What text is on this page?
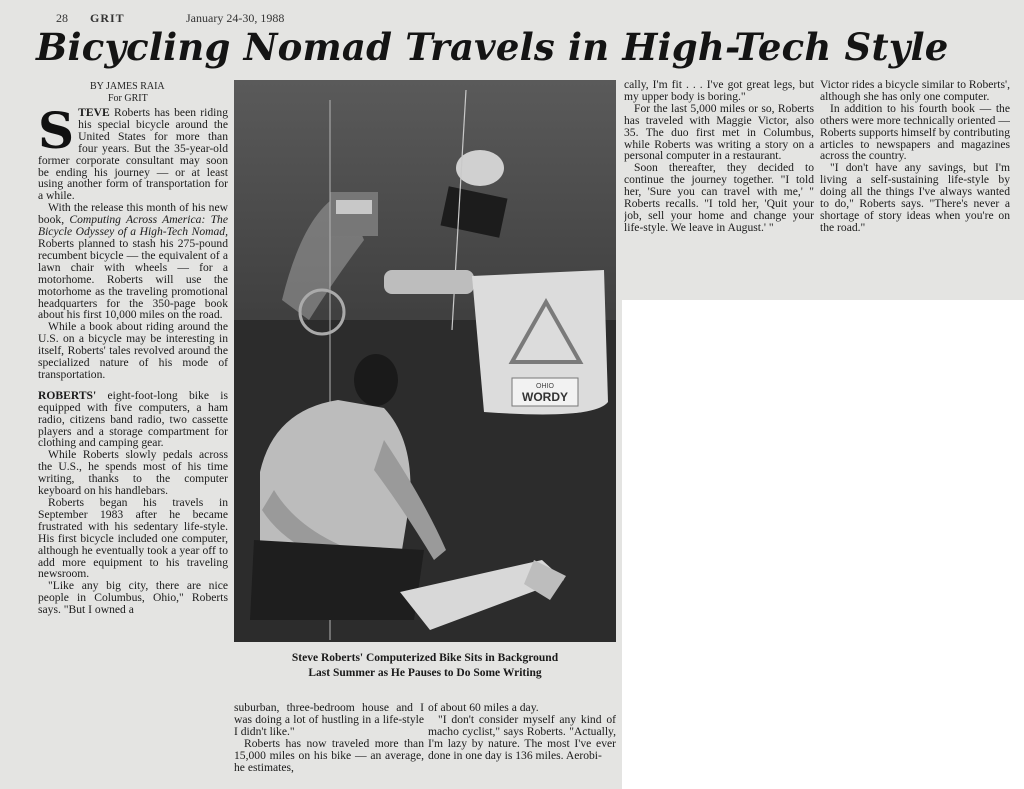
28 GRIT	January 24-30, 1988
Bicycling Nomad Travels in High-Tech Style
BY JAMES RAIA
For GRIT

STEVE Roberts has been riding his special bicycle around the United States for more than four years. But the 35-year-old former corporate consultant may soon be ending his journey — or at least using another form of transportation for a while.

With the release this month of his new book, Computing Across America: The Bicycle Odyssey of a High-Tech Nomad, Roberts planned to stash his 275-pound recumbent bicycle — the equivalent of a lawn chair with wheels — for a motorhome. Roberts will use the motorhome as the traveling promotional headquarters for the 350-page book about his first 10,000 miles on the road.

While a book about riding around the U.S. on a bicycle may be interesting in itself, Roberts' tales revolved around the specialized nature of his mode of transportation.

ROBERTS' eight-foot-long bike is equipped with five computers, a ham radio, citizens band radio, two cassette players and a storage compartment for clothing and camping gear.

While Roberts slowly pedals across the U.S., he spends most of his time writing, thanks to the computer keyboard on his handlebars.

Roberts began his travels in September 1983 after he became frustrated with his sedentary life-style. His first bicycle included one computer, although he eventually took a year off to add more equipment to his traveling newsroom.

"Like any big city, there are nice people in Columbus, Ohio," Roberts says. "But I owned a

OHIO
WORDY
Steve Roberts' Computerized Bike Sits in Background
Last Summer as He Pauses to Do Some Writing

suburban, three-bedroom house and I was doing a lot of hustling in a life-style I didn't like."

Roberts has now traveled more than 15,000 miles on his bike — an average, he estimates,

of about 60 miles a day.

"I don't consider myself any kind of macho cyclist," says Roberts. "Actually, I'm lazy by nature. The most I've ever done in one day is 136 miles. Aerobi-

cally, I'm fit . . . I've got great legs, but my upper body is boring."

For the last 5,000 miles or so, Roberts has traveled with Maggie Victor, also 35. The duo first met in Columbus, while Roberts was writing a story on a personal computer in a restaurant.

Soon thereafter, they decided to continue the journey together. "I told her, 'Sure you can travel with me,' " Roberts recalls. "I told her, 'Quit your job, sell your home and change your life-style. We leave in August.' "

Victor rides a bicycle similar to Roberts', although she has only one computer.

In addition to his fourth book — the others were more technically oriented — Roberts supports himself by contributing articles to newspapers and magazines across the country.

"I don't have any savings, but I'm living a self-sustaining life-style by doing all the things I've always wanted to do," Roberts says. "There's never a shortage of story ideas when you're on the road."
